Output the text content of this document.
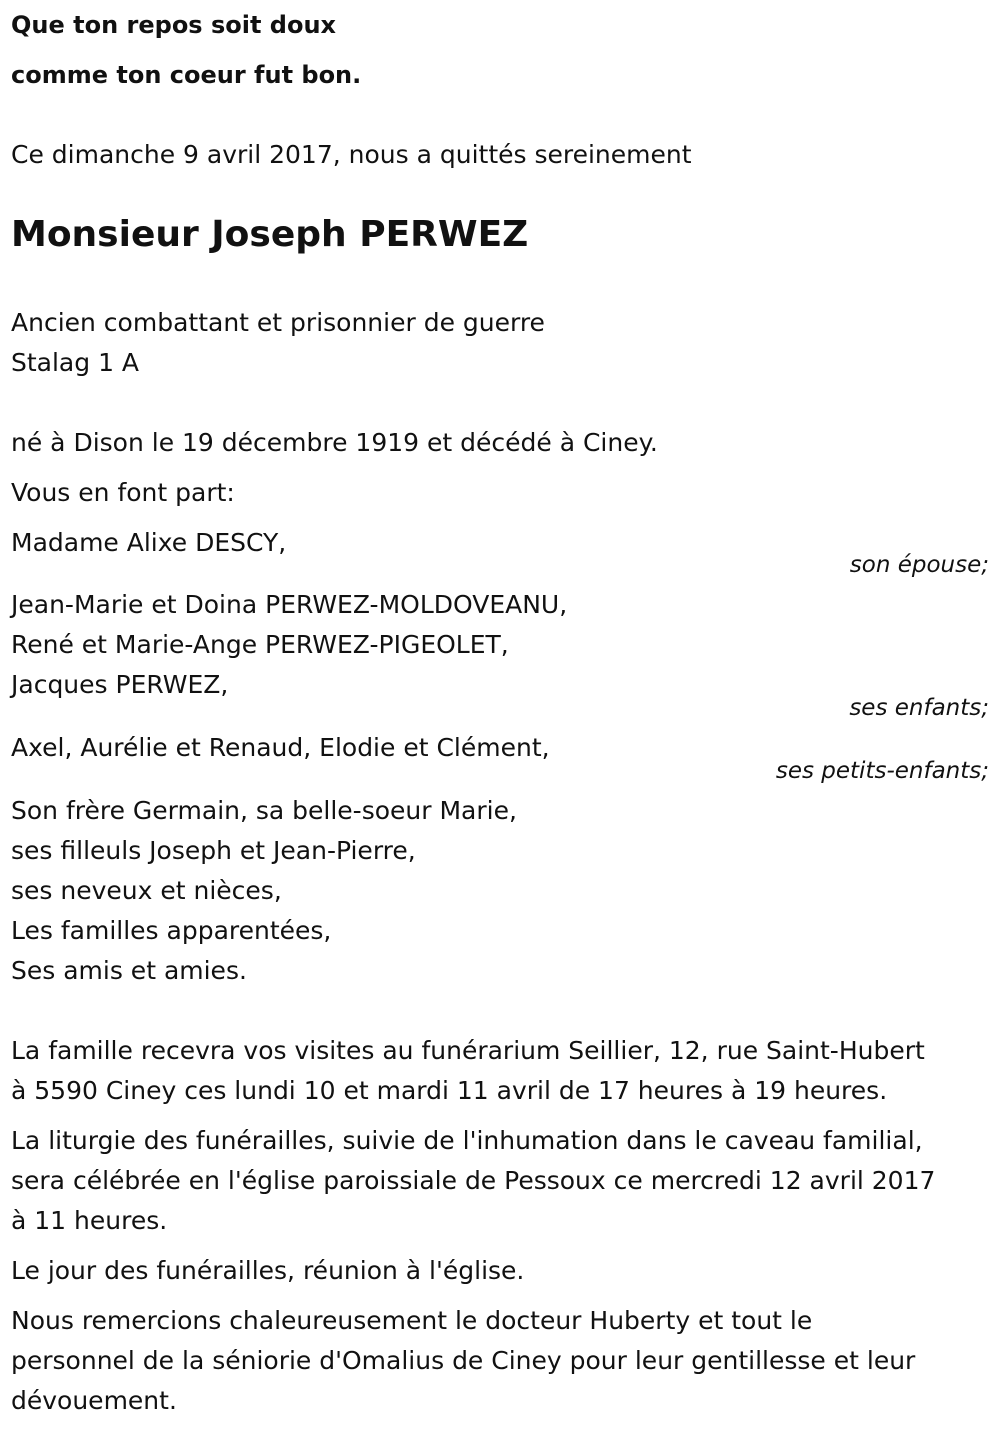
Que ton repos soit doux
comme ton coeur fut bon.
Ce dimanche 9 avril 2017, nous a quittés sereinement
Monsieur Joseph PERWEZ
Ancien combattant et prisonnier de guerre
Stalag 1 A
né à Dison le 19 décembre 1919 et décédé à Ciney.
Vous en font part:
Madame Alixe DESCY,
son épouse;
Jean-Marie et Doina PERWEZ-MOLDOVEANU,
René et Marie-Ange PERWEZ-PIGEOLET,
Jacques PERWEZ,
ses enfants;
Axel, Aurélie et Renaud, Elodie et Clément,
ses petits-enfants;
Son frère Germain, sa belle-soeur Marie,
ses filleuls Joseph et Jean-Pierre,
ses neveux et nièces,
Les familles apparentées,
Ses amis et amies.
La famille recevra vos visites au funérarium Seillier, 12, rue Saint-Hubert
à 5590 Ciney ces lundi 10 et mardi 11 avril de 17 heures à 19 heures.
La liturgie des funérailles, suivie de l'inhumation dans le caveau familial,
sera célébrée en l'église paroissiale de Pessoux ce mercredi 12 avril 2017
à 11 heures.
Le jour des funérailles, réunion à l'église.
Nous remercions chaleureusement le docteur Huberty et tout le
personnel de la séniorie d'Omalius de Ciney pour leur gentillesse et leur
dévouement.
